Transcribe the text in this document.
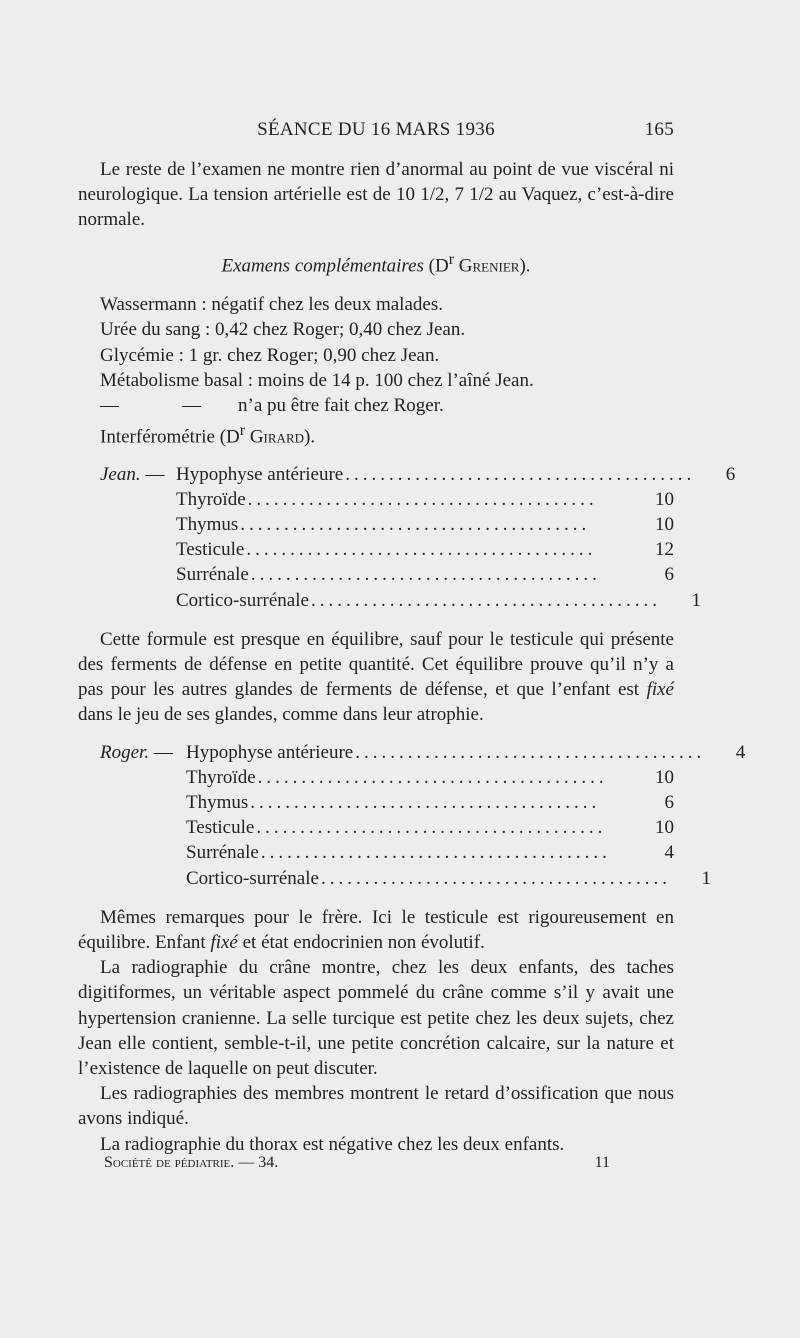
SÉANCE DU 16 MARS 1936	165

Le reste de l’examen ne montre rien d’anormal au point de vue viscéral ni neurologique. La tension artérielle est de 10 1/2, 7 1/2 au Vaquez, c’est-à-dire normale.

Examens complémentaires ($D^r$ Grenier).

Wassermann : négatif chez les deux malades.
Urée du sang : 0,42 chez Roger; 0,40 chez Jean.
Glycémie : 1 gr. chez Roger; 0,90 chez Jean.
Métabolisme basal : moins de 14 p. 100 chez l’aîné Jean.
—	— n’a pu être fait chez Roger.
Interférométrie ($D^r$ Girard).
Jean. — Hypophyse antérieure ........................................	6
Thyroïde ........................................	10
Thymus ........................................	10
Testicule ........................................	12
Surrénale ........................................	6
Cortico-surrénale ........................................	1

Cette formule est presque en équilibre, sauf pour le testicule qui présente des ferments de défense en petite quantité. Cet équilibre prouve qu’il n’y a pas pour les autres glandes de ferments de défense, et que l’enfant est fixé dans le jeu de ses glandes, comme dans leur atrophie.

Roger. — Hypophyse antérieure ........................................	4
Thyroïde ........................................	10
Thymus ........................................	6
Testicule ........................................	10
Surrénale ........................................	4
Cortico-surrénale ........................................	1

Mêmes remarques pour le frère. Ici le testicule est rigoureusement en équilibre. Enfant fixé et état endocrinien non évolutif.

La radiographie du crâne montre, chez les deux enfants, des taches digitiformes, un véritable aspect pommelé du crâne comme s’il y avait une hypertension cranienne. La selle turcique est petite chez les deux sujets, chez Jean elle contient, semble-t-il, une petite concrétion calcaire, sur la nature et l’existence de laquelle on peut discuter.

Les radiographies des membres montrent le retard d’ossification que nous avons indiqué.

La radiographie du thorax est négative chez les deux enfants.

Société de pédiatrie. — 34.	11
